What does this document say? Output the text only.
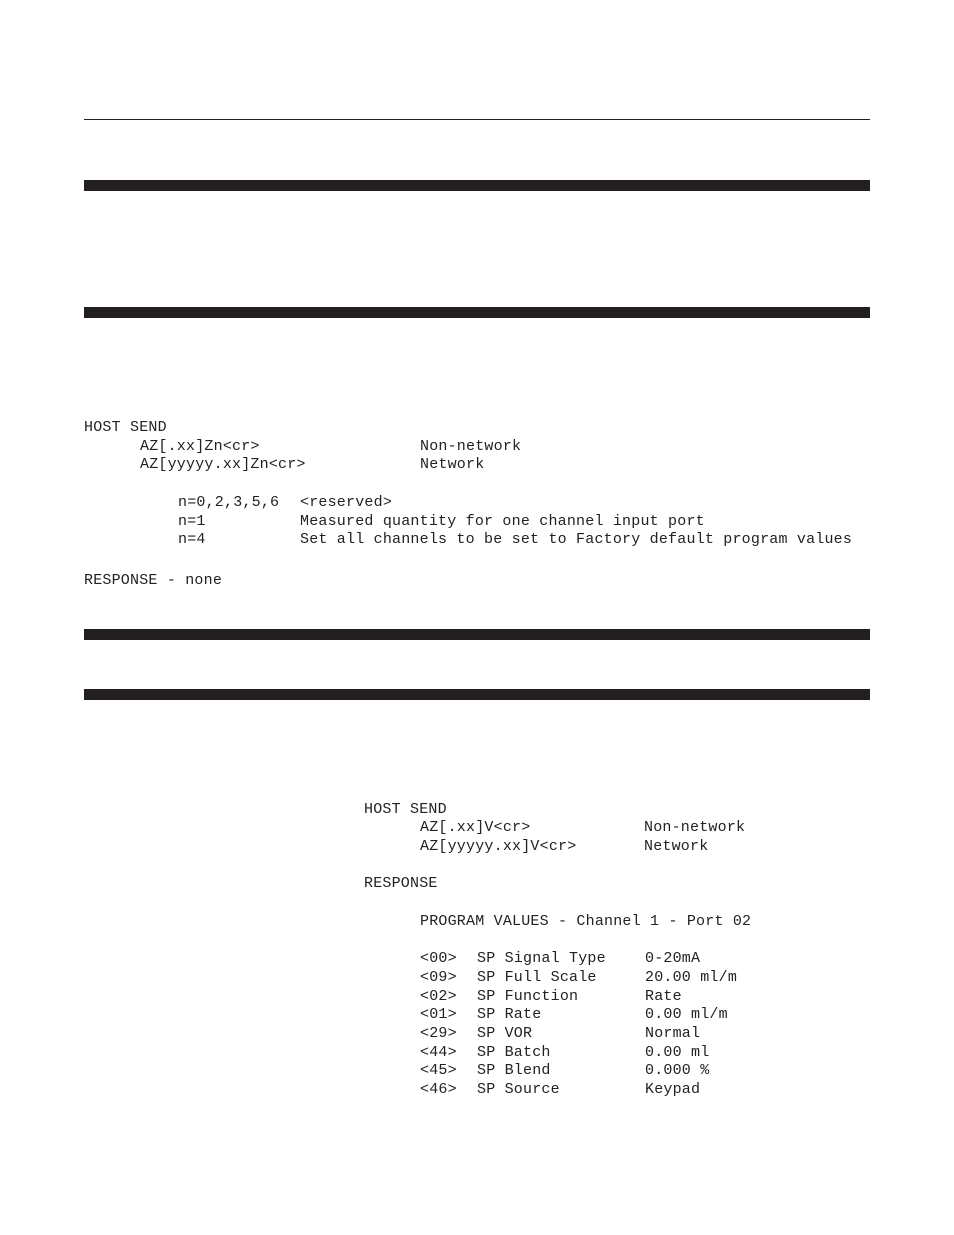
HOST SEND
AZ[.xx]Zn<cr>	Non-network
AZ[yyyyy.xx]Zn<cr>	Network
n=0,2,3,5,6 <reserved>
n=1	Measured quantity for one channel input port
n=4	Set all channels to be set to Factory default program values
RESPONSE - none
HOST SEND
AZ[.xx]V<cr>	Non-network
AZ[yyyyy.xx]V<cr>	Network
RESPONSE
PROGRAM VALUES - Channel 1 - Port 02
<00> SP Signal Type	0-20mA
<09> SP Full Scale	20.00 ml/m
<02> SP Function	Rate
<01> SP Rate	0.00 ml/m
<29> SP VOR	Normal
<44> SP Batch	0.00 ml
<45> SP Blend	0.000 %
<46> SP Source	Keypad
